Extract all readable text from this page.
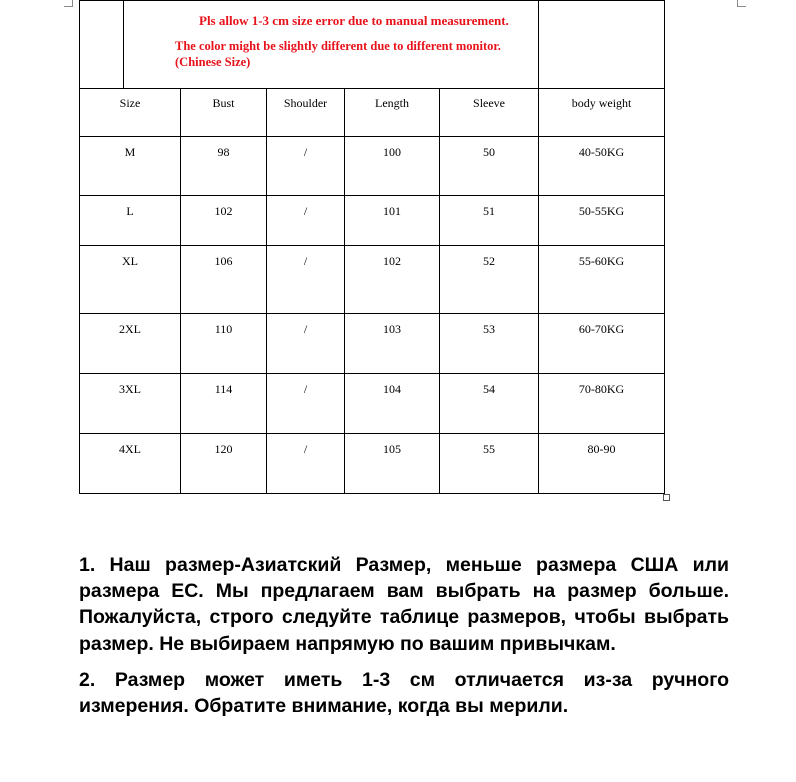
	Pls allow 1-3 cm size error due to manual measurement.
The color might be slightly different due to different monitor.(Chinese Size)					

Size		Bust	Shoulder	Length	Sleeve	body weight
M		98	/	100	50	40-50KG
L		102	/	101	51	50-55KG
XL		106	/	102	52	55-60KG
2XL		110	/	103	53	60-70KG
3XL		114	/	104	54	70-80KG
4XL		120	/	105	55	80-90

1. Наш размер-Азиатский Размер, меньше размера США или размера ЕС. Мы предлагаем вам выбрать на размер больше. Пожалуйста, строго следуйте таблице размеров, чтобы выбрать размер. Не выбираем напрямую по вашим привычкам.

2. Размер может иметь 1-3 см отличается из-за ручного измерения. Обратите внимание, когда вы мерили.
